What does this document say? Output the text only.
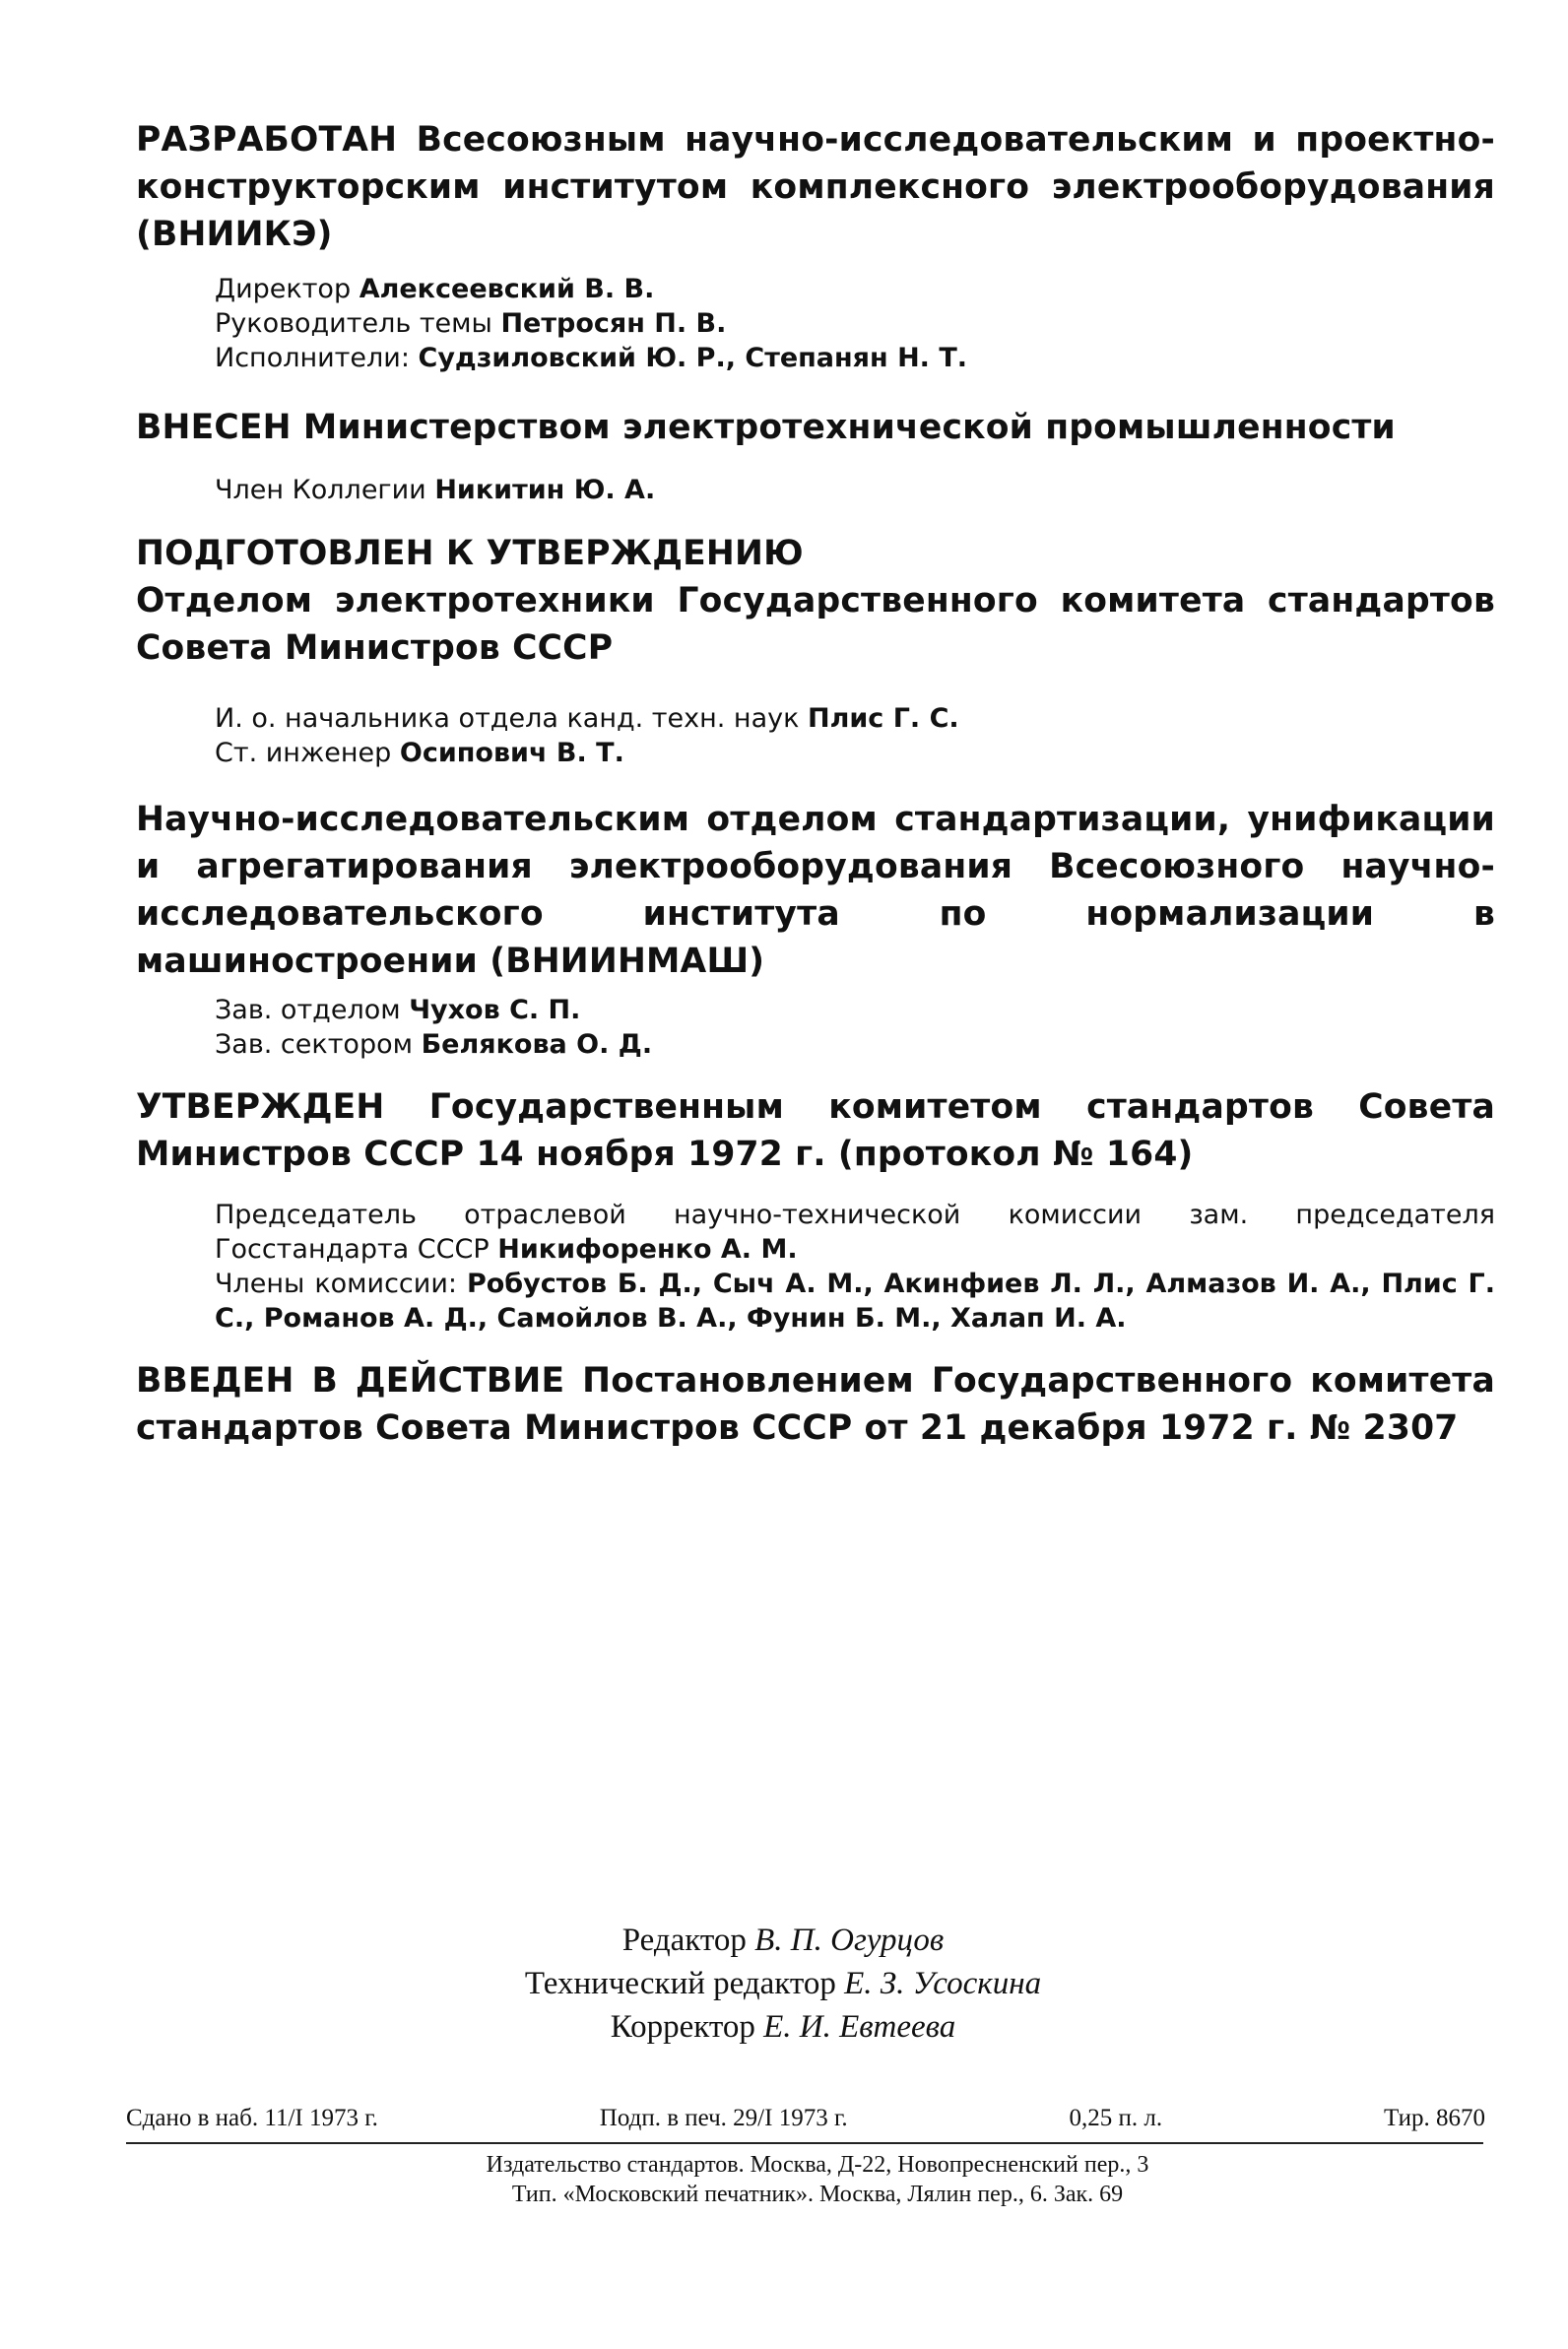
РАЗРАБОТАН Всесоюзным научно-исследовательским и проектно-конструкторским институтом комплексного электрооборудования (ВНИИКЭ)
Директор Алексеевский В. В.
Руководитель темы Петросян П. В.
Исполнители: Судзиловский Ю. Р., Степанян Н. Т.
ВНЕСЕН Министерством электротехнической промышленности
Член Коллегии Никитин Ю. А.
ПОДГОТОВЛЕН К УТВЕРЖДЕНИЮ
Отделом электротехники Государственного комитета стандартов Совета Министров СССР
И. о. начальника отдела канд. техн. наук Плис Г. С.
Ст. инженер Осипович В. Т.
Научно-исследовательским отделом стандартизации, унификации и агрегатирования электрооборудования Всесоюзного научно-исследовательского института по нормализации в машиностроении (ВНИИНМАШ)
Зав. отделом Чухов С. П.
Зав. сектором Белякова О. Д.
УТВЕРЖДЕН Государственным комитетом стандартов Совета Министров СССР 14 ноября 1972 г. (протокол № 164)
Председатель отраслевой научно-технической комиссии зам. председателя Госстандарта СССР Никифоренко А. М.
Члены комиссии: Робустов Б. Д., Сыч А. М., Акинфиев Л. Л., Алмазов И. А., Плис Г. С., Романов А. Д., Самойлов В. А., Фунин Б. М., Халап И. А.
ВВЕДЕН В ДЕЙСТВИЕ Постановлением Государственного комитета стандартов Совета Министров СССР от 21 декабря 1972 г. № 2307
Редактор В. П. Огурцов
Технический редактор Е. З. Усоскина
Корректор Е. И. Евтеева
Сдано в наб. 11/I 1973 г.	Подп. в печ. 29/I 1973 г.	0,25 п. л.	Тир. 8670
Издательство стандартов. Москва, Д-22, Новопресненский пер., 3
Тип. «Московский печатник». Москва, Лялин пер., 6. Зак. 69
